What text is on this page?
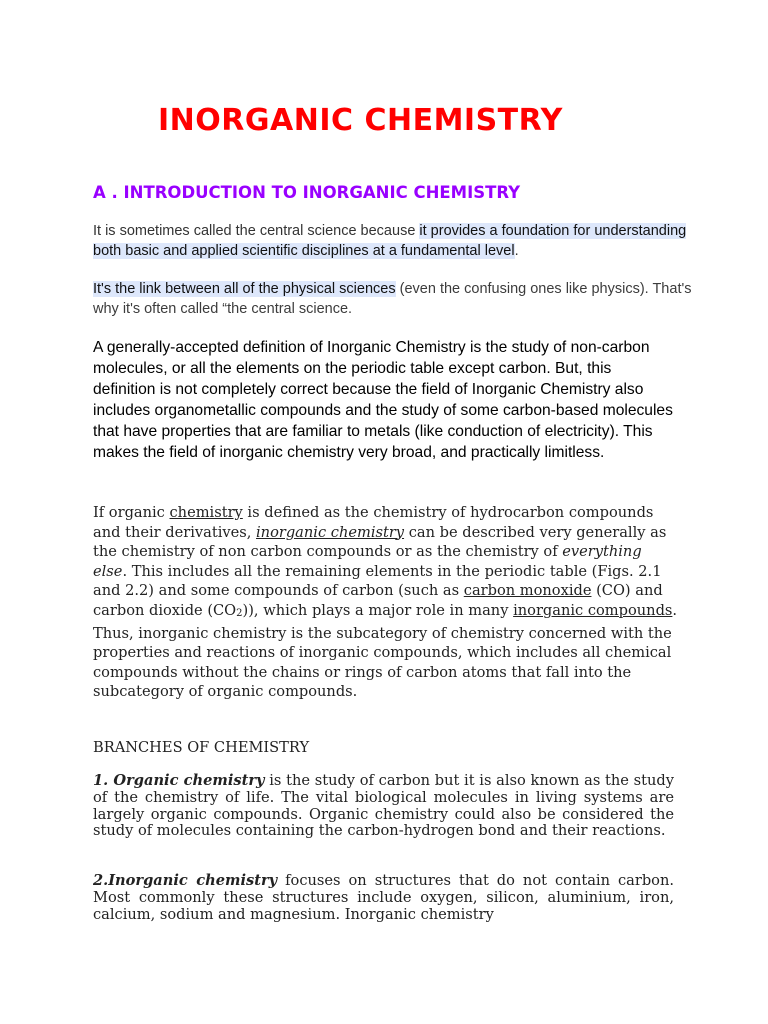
INORGANIC CHEMISTRY
A . INTRODUCTION TO INORGANIC CHEMISTRY

It is sometimes called the central science because it provides a foundation for understanding both basic and applied scientific disciplines at a fundamental level.

It's the link between all of the physical sciences (even the confusing ones like physics). That's why it's often called “the central science.

A generally-accepted definition of Inorganic Chemistry is the study of non-carbon molecules, or all the elements on the periodic table except carbon. But, this definition is not completely correct because the field of Inorganic Chemistry also includes organometallic compounds and the study of some carbon-based molecules that have properties that are familiar to metals (like conduction of electricity). This makes the field of inorganic chemistry very broad, and practically limitless.

If organic chemistry is defined as the chemistry of hydrocarbon compounds and their derivatives, inorganic chemistry can be described very generally as the chemistry of non carbon compounds or as the chemistry of everything else. This includes all the remaining elements in the periodic table (Figs. 2.1 and 2.2) and some compounds of carbon (such as carbon monoxide (CO) and carbon dioxide $(CO_2)$), which plays a major role in many inorganic compounds. Thus, inorganic chemistry is the subcategory of chemistry concerned with the properties and reactions of inorganic compounds, which includes all chemical compounds without the chains or rings of carbon atoms that fall into the subcategory of organic compounds.

BRANCHES OF CHEMISTRY

1. Organic chemistry is the study of carbon but it is also known as the study of the chemistry of life. The vital biological molecules in living systems are largely organic compounds. Organic chemistry could also be considered the study of molecules containing the carbon-hydrogen bond and their reactions.

2.Inorganic chemistry focuses on structures that do not contain carbon. Most commonly these structures include oxygen, silicon, aluminium, iron, calcium, sodium and magnesium. Inorganic chemistry
